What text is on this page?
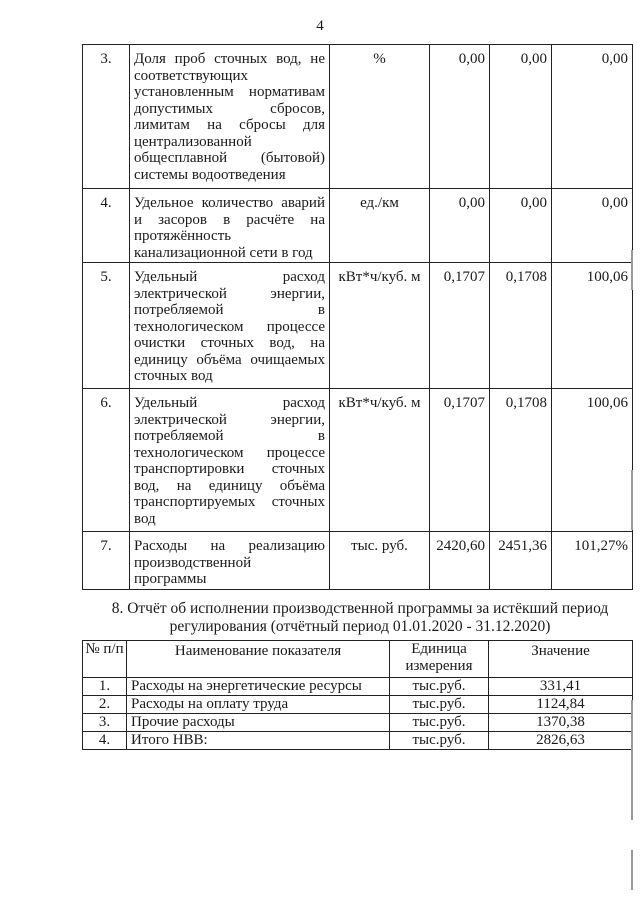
4
3.	Доля проб сточных вод, не соответствующих установленным нормативам допустимых сбросов, лимитам на сбросы для централизованной общесплавной (бытовой) системы водоотведения	%	0,00	0,00	0,00
4.	Удельное количество аварий и засоров в расчёте на протяжённость канализационной сети в год	ед./км	0,00	0,00	0,00
5.	Удельный расход электрической энергии, потребляемой в технологическом процессе очистки сточных вод, на единицу объёма очищаемых сточных вод	кВт*ч/куб. м	0,1707	0,1708	100,06
6.	Удельный расход электрической энергии, потребляемой в технологическом процессе транспортировки сточных вод, на единицу объёма транспортируемых сточных вод	кВт*ч/куб. м	0,1707	0,1708	100,06
7.	Расходы на реализацию производственной программы	тыс. руб.	2420,60	2451,36	101,27%
8. Отчёт об исполнении производственной программы за истёкший период регулирования (отчётный период 01.01.2020 - 31.12.2020)
№ п/п	Наименование показателя	Единица измерения	Значение
1.	Расходы на энергетические ресурсы	тыс.руб.	331,41
2.	Расходы на оплату труда	тыс.руб.	1124,84
3.	Прочие расходы	тыс.руб.	1370,38
4.	Итого НВВ:	тыс.руб.	2826,63
